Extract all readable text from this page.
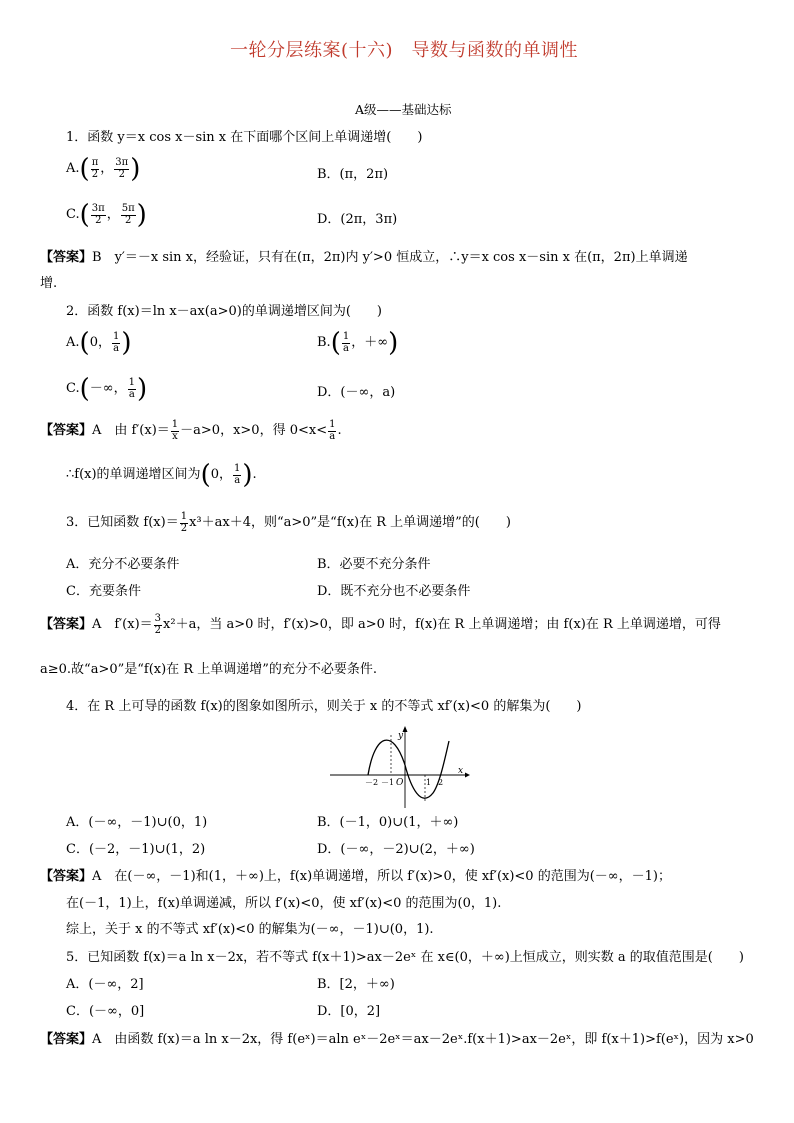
一轮分层练案(十六)　导数与函数的单调性
A级——基础达标
1．函数 y＝x cos x－sin x 在下面哪个区间上单调递增(　　)
A. ( $\frac{\pi}{2}$ ， $\frac{3\pi}{2}$ )	B．(π，2π)
C. ( $\frac{3\pi}{2}$ ， $\frac{5\pi}{2}$ )	D．(2π，3π)
【答案】B　y′＝－x sin x，经验证，只有在(π，2π)内 y′>0 恒成立，∴y＝x cos x－sin x 在(π，2π)上单调递
增.
2．函数 f(x)＝ln x－ax(a>0)的单调递增区间为(　　)
A. ( 0， $\frac{1}{a}$ )	B. ( $\frac{1}{a}$ ，＋∞ )
C. ( －∞， $\frac{1}{a}$ )	D．(－∞，a)
【答案】 A　由 $f'(x)= \frac{1}{x} -a>0$，x>0，得 $0<x< \frac{1}{a}$ .
∴f(x)的单调递增区间为 ( 0， $\frac{1}{a}$ ) .
3．已知函数 $f(x)= \frac{1}{2} x^3+ax+4$，则“a>0”是“f(x)在 R 上单调递增”的(　　)
A．充分不必要条件	B．必要不充分条件
C．充要条件	D．既不充分也不必要条件
【答案】 A　$f'(x)= \frac{3}{2} x^2+a$，当 a>0 时，f′(x)>0，即 a>0 时，f(x)在 R 上单调递增；由 f(x)在 R 上单调递增，可得
a≥0.故“a>0”是“f(x)在 R 上单调递增”的充分不必要条件.
4．在 R 上可导的函数 f(x)的图象如图所示，则关于 x 的不等式 xf′(x)<0 的解集为(　　)
y
x
O
－2 －1	1 2
A．(－∞，－1)∪(0，1)	B．(－1，0)∪(1，＋∞)
C．(－2，－1)∪(1，2)	D．(－∞，－2)∪(2，＋∞)
【答案】A　在(－∞，－1)和(1，＋∞)上，f(x)单调递增，所以 f′(x)>0，使 xf′(x)<0 的范围为(－∞，－1)；
在(－1，1)上，f(x)单调递减，所以 f′(x)<0，使 xf′(x)<0 的范围为(0，1).
综上，关于 x 的不等式 xf′(x)<0 的解集为(－∞，－1)∪(0，1).
5．已知函数 f(x)＝a ln x－2x，若不等式 f(x＋1)>ax－2eˣ 在 x∈(0，＋∞)上恒成立，则实数 a 的取值范围是(　　)
A．(－∞，2]	B．[2，＋∞)
C．(－∞，0]	D．[0，2]
【答案】A　由函数 f(x)＝a ln x－2x，得 f(eˣ)＝aln eˣ－2eˣ＝ax－2eˣ.f(x＋1)>ax－2eˣ，即 f(x＋1)>f(eˣ)，因为 x>0
